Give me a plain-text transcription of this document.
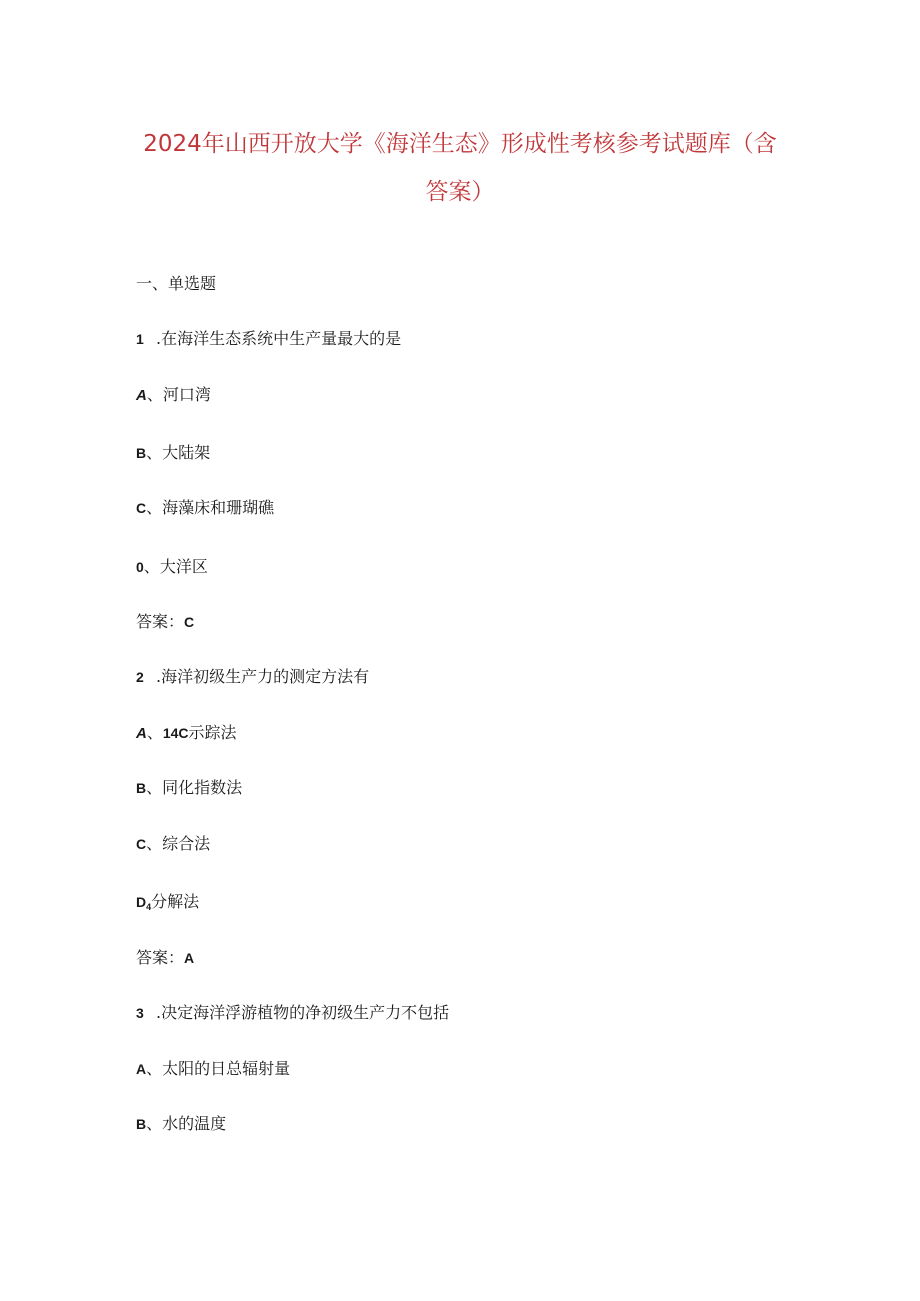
2024年山西开放大学《海洋生态》形成性考核参考试题库（含
答案）
一、单选题
1 .在海洋生态系统中生产量最大的是
A、河口湾
B、大陆架
C、海藻床和珊瑚礁
0、大洋区
答案：C
2 .海洋初级生产力的测定方法有
A、14C示踪法
B、同化指数法
C、综合法
$D_4$分解法
答案：A
3 .决定海洋浮游植物的净初级生产力不包括
A、太阳的日总辐射量
B、水的温度
